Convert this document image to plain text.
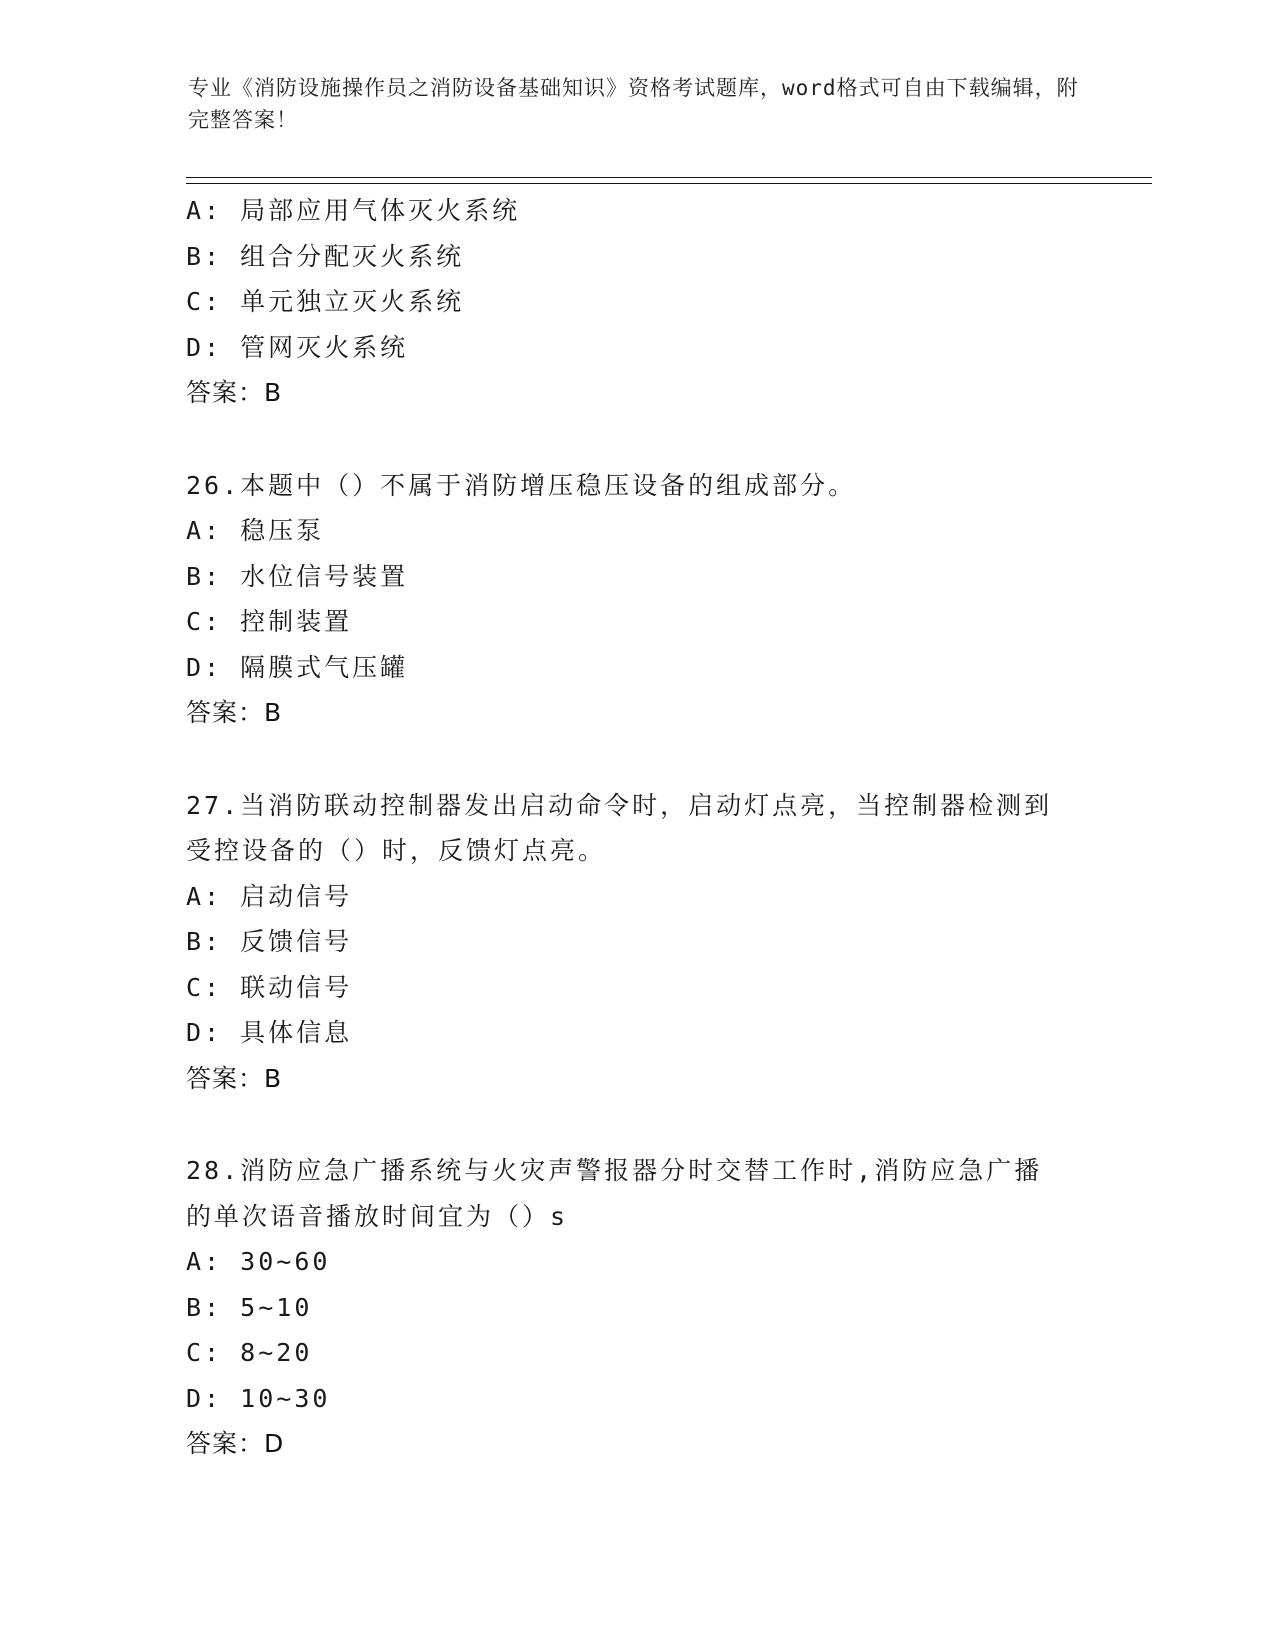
专业《消防设施操作员之消防设备基础知识》资格考试题库，word格式可自由下载编辑，附完整答案！
A: 局部应用气体灭火系统
B: 组合分配灭火系统
C: 单元独立灭火系统
D: 管网灭火系统
答案：B
26.本题中（）不属于消防增压稳压设备的组成部分。
A: 稳压泵
B: 水位信号装置
C: 控制装置
D: 隔膜式气压罐
答案：B
27.当消防联动控制器发出启动命令时，启动灯点亮，当控制器检测到受控设备的（）时，反馈灯点亮。
A: 启动信号
B: 反馈信号
C: 联动信号
D: 具体信息
答案：B
28.消防应急广播系统与火灾声警报器分时交替工作时,消防应急广播的单次语音播放时间宜为（）s
A: 30~60
B: 5~10
C: 8~20
D: 10~30
答案：D
